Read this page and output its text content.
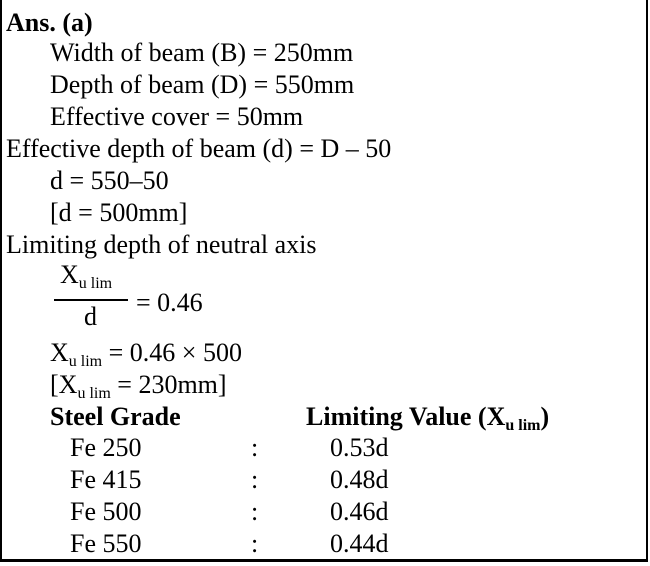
Ans. (a)
Width of beam (B) = 250mm
Depth of beam (D) = 550mm
Effective cover = 50mm
Effective depth of beam (d) = D – 50
d = 550–50
[d = 500mm]
Limiting depth of neutral axis
$X_{u lim}$
d = 0.46
$X_{u lim} = 0.46 \times 500$
$[X_{u lim} = 230mm]$
Steel Grade	Limiting Value $(X_{u lim})$
Fe 250	:	0.53d
Fe 415	:	0.48d
Fe 500	:	0.46d
Fe 550	:	0.44d
